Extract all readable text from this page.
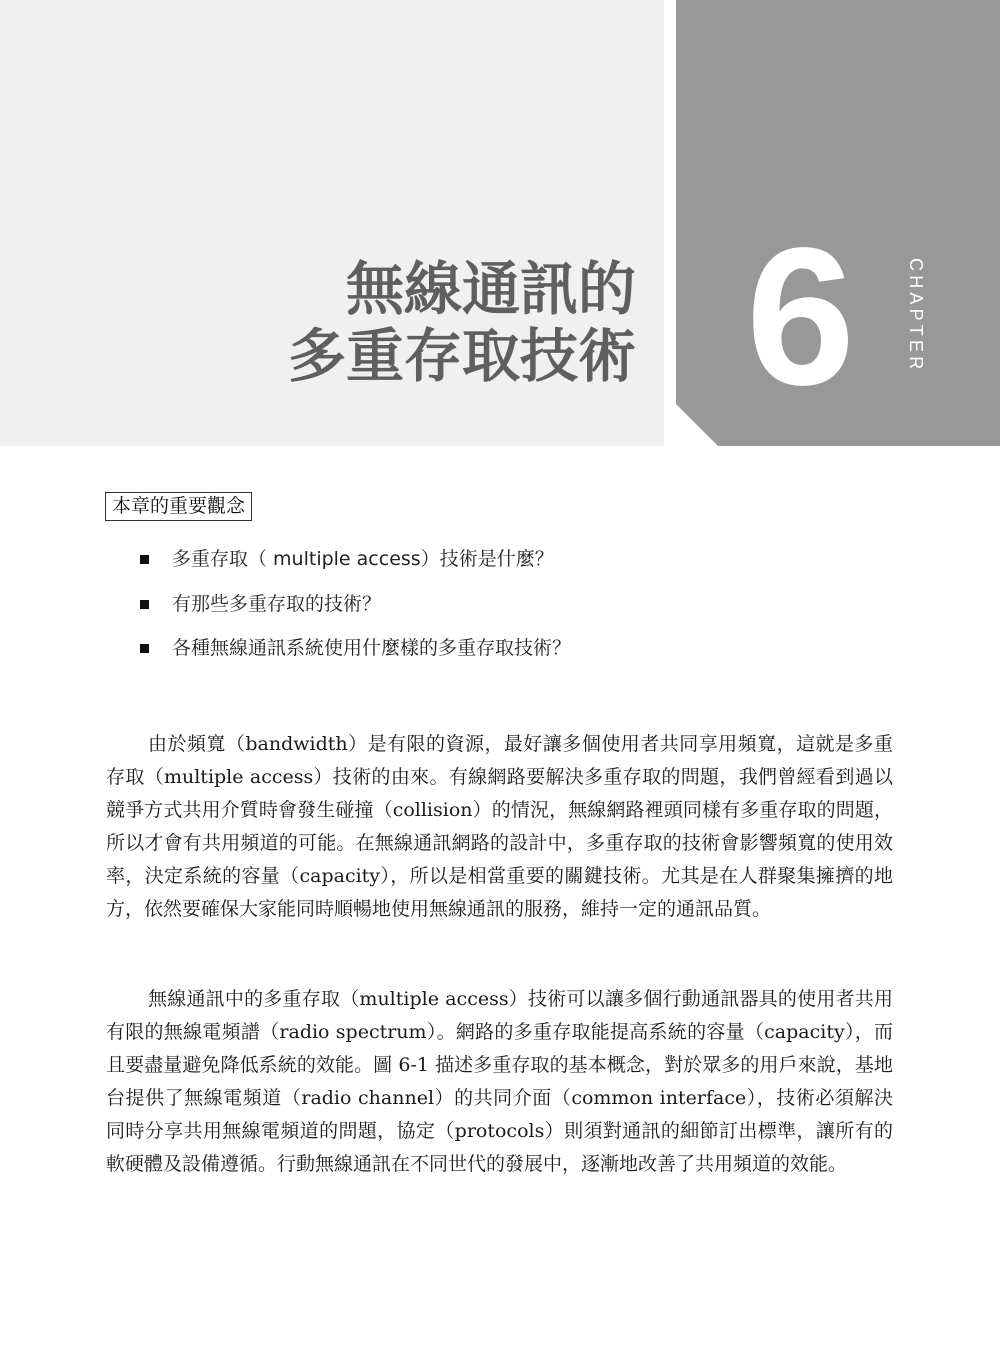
無線通訊的
多重存取技術 6	CHAPTER
本章的重要觀念
多重存取（ multiple access）技術是什麼？
有那些多重存取的技術？
各種無線通訊系統使用什麼樣的多重存取技術？

由於頻寬（bandwidth）是有限的資源，最好讓多個使用者共同享用頻寬，這就是多重存取（multiple access）技術的由來。有線網路要解決多重存取的問題，我們曾經看到過以競爭方式共用介質時會發生碰撞（collision）的情況，無線網路裡頭同樣有多重存取的問題，所以才會有共用頻道的可能。在無線通訊網路的設計中，多重存取的技術會影響頻寬的使用效率，決定系統的容量（capacity），所以是相當重要的關鍵技術。尤其是在人群聚集擁擠的地方，依然要確保大家能同時順暢地使用無線通訊的服務，維持一定的通訊品質。

無線通訊中的多重存取（multiple access）技術可以讓多個行動通訊器具的使用者共用有限的無線電頻譜（radio spectrum）。網路的多重存取能提高系統的容量（capacity），而且要盡量避免降低系統的效能。圖 6-1 描述多重存取的基本概念，對於眾多的用戶來說，基地台提供了無線電頻道（radio channel）的共同介面（common interface），技術必須解決同時分享共用無線電頻道的問題，協定（protocols）則須對通訊的細節訂出標準，讓所有的軟硬體及設備遵循。行動無線通訊在不同世代的發展中，逐漸地改善了共用頻道的效能。
